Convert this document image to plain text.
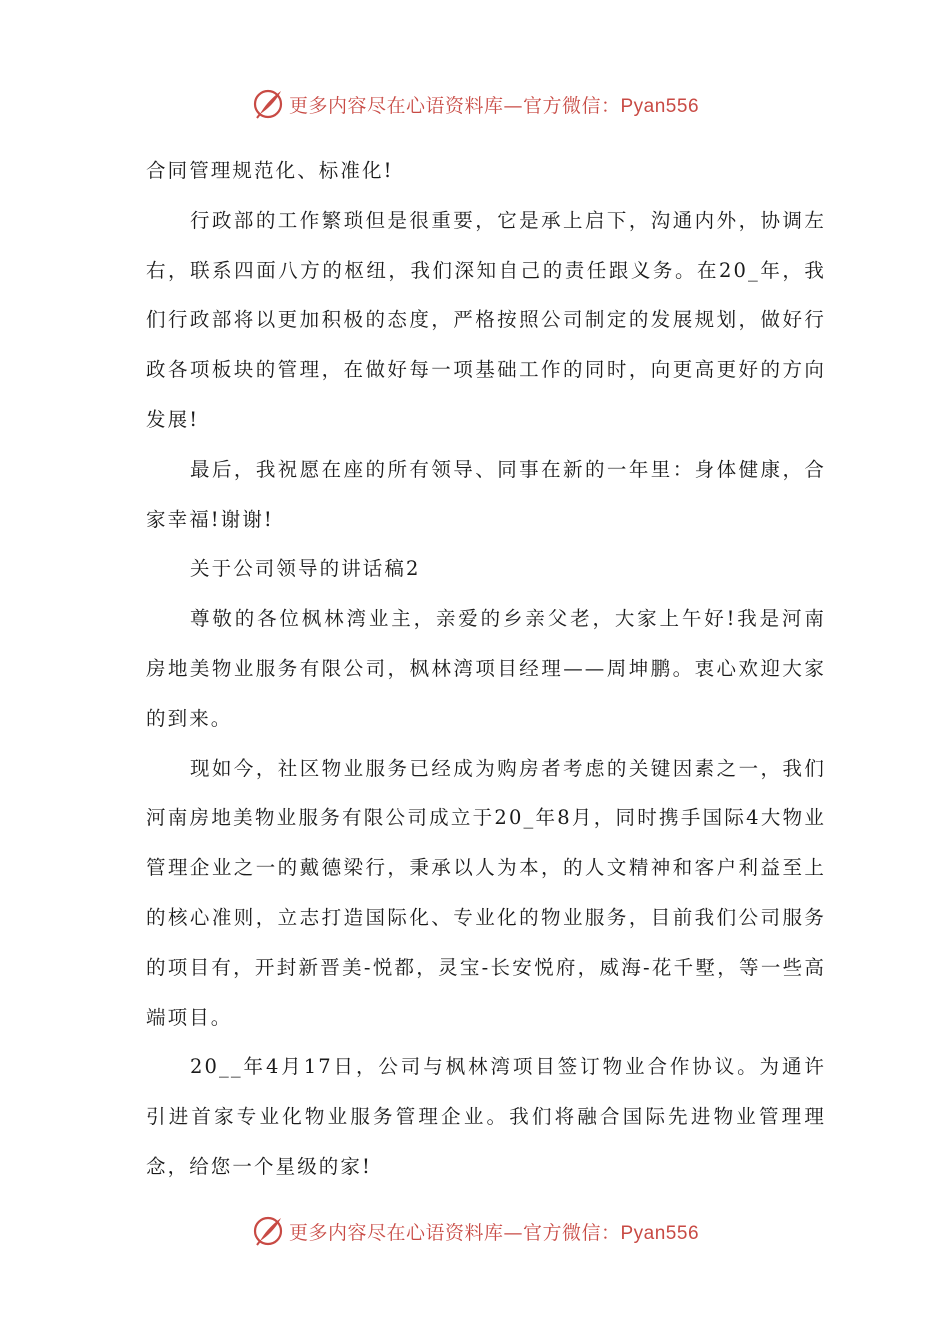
更多内容尽在心语资料库—官方微信：Pyan556

合同管理规范化、标准化!

行政部的工作繁琐但是很重要，它是承上启下，沟通内外，协调左右，联系四面八方的枢纽，我们深知自己的责任跟义务。在20_年，我们行政部将以更加积极的态度，严格按照公司制定的发展规划，做好行政各项板块的管理，在做好每一项基础工作的同时，向更高更好的方向发展!

最后，我祝愿在座的所有领导、同事在新的一年里：身体健康，合家幸福!谢谢!

关于公司领导的讲话稿2

尊敬的各位枫林湾业主，亲爱的乡亲父老，大家上午好!我是河南房地美物业服务有限公司，枫林湾项目经理——周坤鹏。衷心欢迎大家的到来。

现如今，社区物业服务已经成为购房者考虑的关键因素之一，我们河南房地美物业服务有限公司成立于20_年8月，同时携手国际4大物业管理企业之一的戴德梁行，秉承以人为本，的人文精神和客户利益至上的核心准则，立志打造国际化、专业化的物业服务，目前我们公司服务的项目有，开封新晋美-悦都，灵宝-长安悦府，威海-花千墅，等一些高端项目。

20__年4月17日，公司与枫林湾项目签订物业合作协议。为通许引进首家专业化物业服务管理企业。我们将融合国际先进物业管理理念，给您一个星级的家!

更多内容尽在心语资料库—官方微信：Pyan556
